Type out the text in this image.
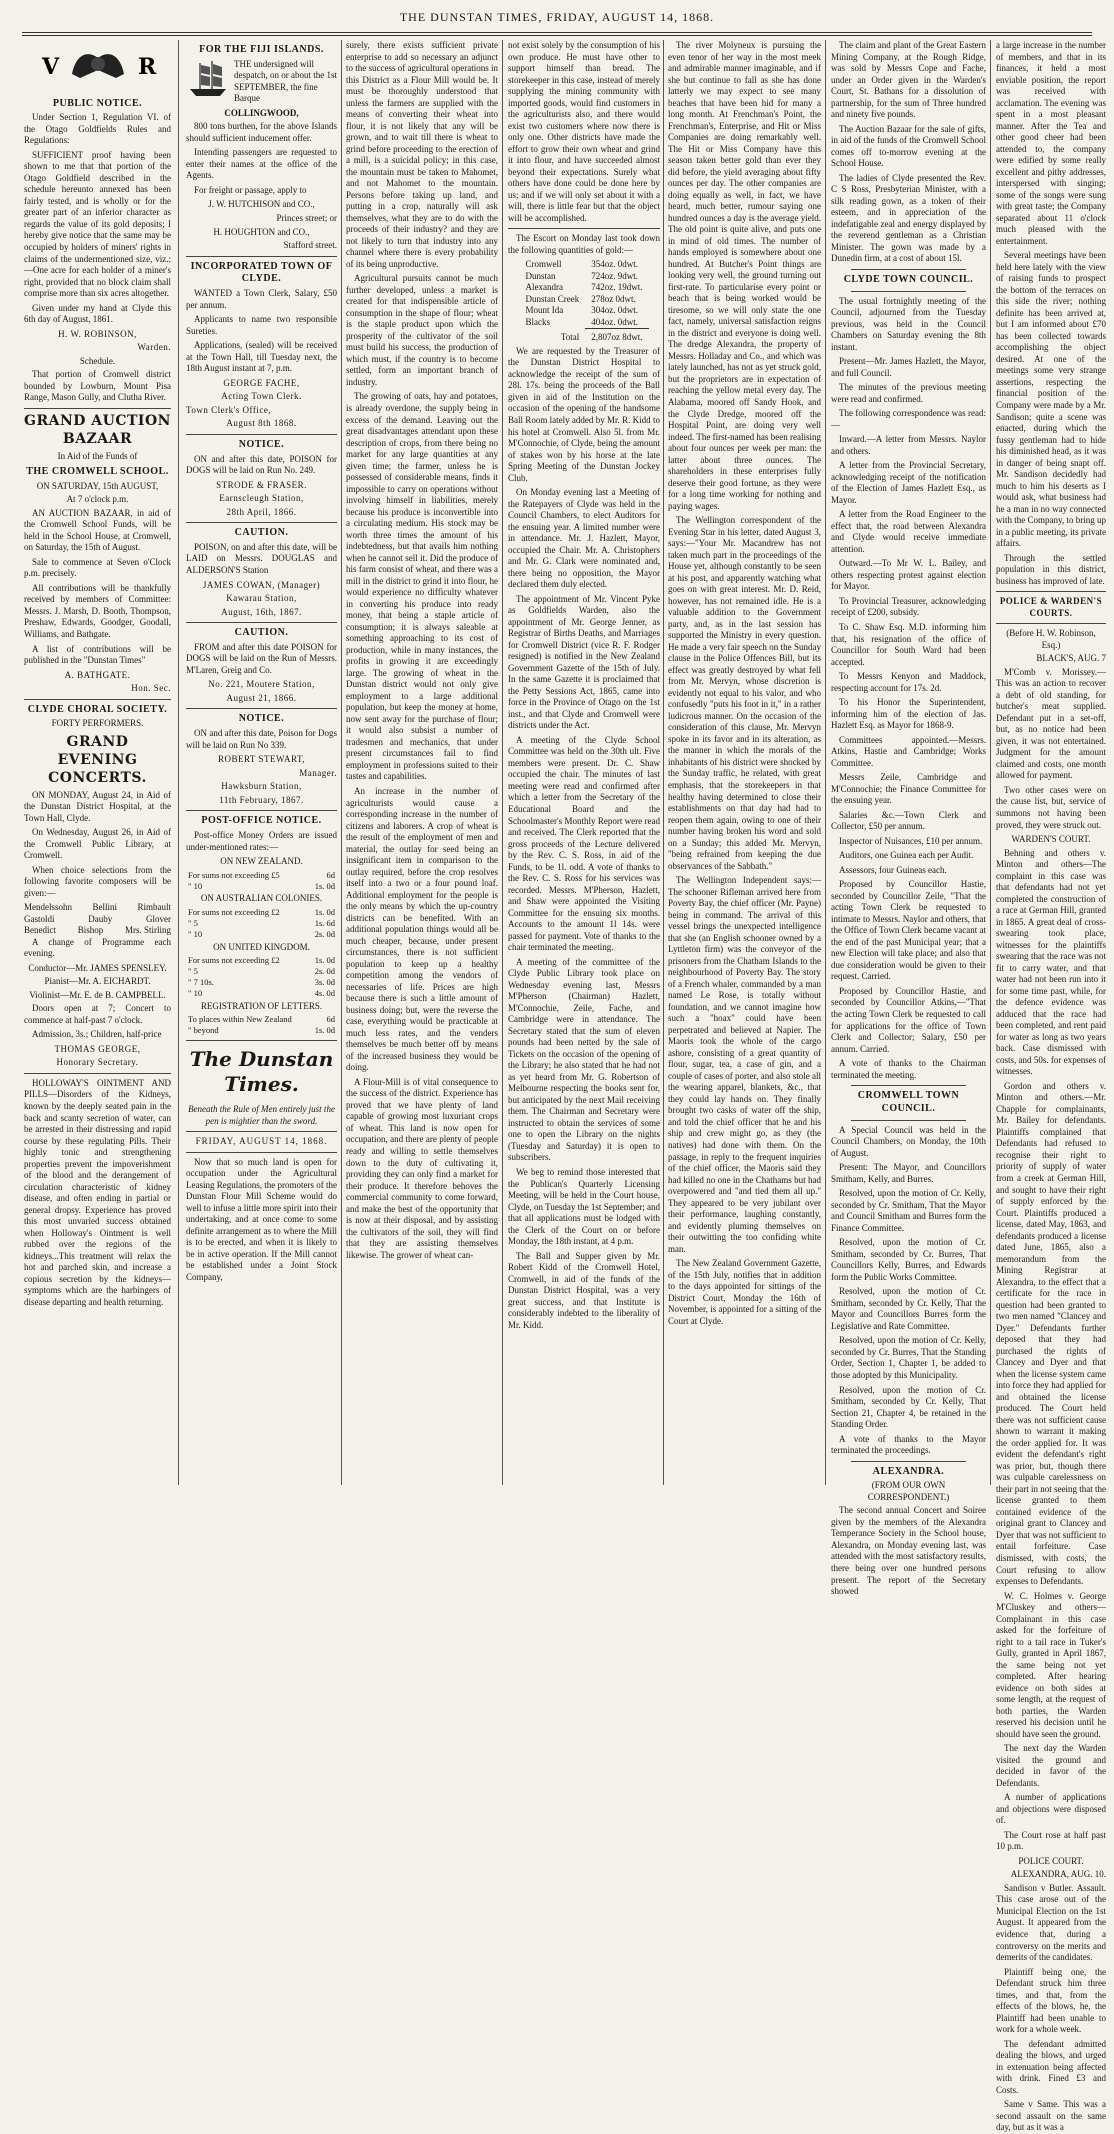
THE DUNSTAN TIMES, FRIDAY, AUGUST 14, 1868.
V	R
PUBLIC NOTICE.

Under Section 1, Regulation VI. of the Otago Goldfields Rules and Regulations:

SUFFICIENT proof having been shown to me that that portion of the Otago Goldfield described in the schedule hereunto annexed has been fairly tested, and is wholly or for the greater part of an inferior character as regards the value of its gold deposits; I hereby give notice that the same may be occupied by holders of miners' rights in claims of the undermentioned size, viz.:—One acre for each holder of a miner's right, provided that no block claim shall comprise more than six acres altogether.

Given under my hand at Clyde this 6th day of August, 1861.

H. W. ROBINSON,
Warden.
Schedule.

That portion of Cromwell district bounded by Lowburn, Mount Pisa Range, Mason Gully, and Clutha River.

GRAND AUCTION BAZAAR
In Aid of the Funds of
THE CROMWELL SCHOOL.
ON SATURDAY, 15th AUGUST,
At 7 o'clock p.m.

AN AUCTION BAZAAR, in aid of the Cromwell School Funds, will be held in the School House, at Cromwell, on Saturday, the 15th of August.

Sale to commence at Seven o'Clock p.m. precisely.

All contributions will be thankfully received by members of Committee: Messrs. J. Marsh, D. Booth, Thompson, Preshaw, Edwards, Goodger, Goodall, Williams, and Bathgate.

A list of contributions will be published in the "Dunstan Times"

A. BATHGATE.
Hon. Sec.
CLYDE CHORAL SOCIETY.
FORTY PERFORMERS.
GRAND EVENING CONCERTS.

ON MONDAY, August 24, in Aid of the Dunstan District Hospital, at the Town Hall, Clyde.

On Wednesday, August 26, in Aid of the Cromwell Public Library, at Cromwell.

When choice selections from the following favorite composers will be given:—

Mendelssohn Bellini Rimbault
Gastoldi	Dauby	Glover
Benedict Bishop Mrs. Stirling

A change of Programme each evening.

Conductor—Mr. JAMES SPENSLEY.
Pianist—Mr. A. EICHARDT.
Violinist—Mr. E. de B. CAMPBELL.

Doors open at 7; Concert to commence at half-past 7 o'clock.

Admission, 3s.; Children, half-price

THOMAS GEORGE,
Honorary Secretary.

HOLLOWAY'S OINTMENT AND PILLS—Disorders of the Kidneys, known by the deeply seated pain in the back and scanty secretion of water, can be arrested in their distressing and rapid course by these regulating Pills. Their highly tonic and strengthening properties prevent the impoverishment of the blood and the derangement of circulation characteristic of kidney disease, and often ending in partial or general dropsy. Experience has proved this most unvaried success obtained when Holloway's Ointment is well rubbed over the regions of the kidneys...This treatment will relax the hot and parched skin, and increase a copious secretion by the kidneys—symptoms which are the harbingers of disease departing and health returning.

FOR THE FIJI ISLANDS.

THE undersigned will despatch, on or about the 1st SEPTEMBER, the fine Barque

COLLINGWOOD,

800 tons burthen, for the above Islands should sufficient inducement offer.

Intending passengers are requested to enter their names at the office of the Agents.

For freight or passage, apply to

J. W. HUTCHISON and CO.,
Princes street; or
H. HOUGHTON and CO.,
Stafford street.
INCORPORATED TOWN OF CLYDE.

WANTED a Town Clerk, Salary, £50 per annum.

Applicants to name two responsible Sureties.

Applications, (sealed) will be received at the Town Hall, till Tuesday next, the 18th August instant at 7, p.m.

GEORGE FACHE,
Acting Town Clerk.
Town Clerk's Office,
August 8th 1868.
NOTICE.

ON and after this date, POISON for DOGS will be laid on Run No. 249.

STRODE & FRASER.
Earnscleugh Station,
28th April, 1866.
CAUTION.

POISON, on and after this date, will be LAID on Messrs. DOUGLAS and ALDERSON'S Station

JAMES COWAN, (Manager)
Kawarau Station,
August, 16th, 1867.
CAUTION.

FROM and after this date POISON for DOGS will be laid on the Run of Messrs. M'Laren, Greig and Co.

No. 221, Moutere Station,
August 21, 1866.
NOTICE.

ON and after this date, Poison for Dogs will be laid on Run No 339.

ROBERT STEWART,
Manager.
Hawksburn Station,
11th February, 1867.
POST-OFFICE NOTICE.

Post-office Money Orders are issued under-mentioned rates:—

ON NEW ZEALAND.
For sums not exceeding £5	6d
" 10	1s. 0d
ON AUSTRALIAN COLONIES.
For sums not exceeding £2	1s. 0d
" 5	1s. 6d
" 10	2s. 0d
ON UNITED KINGDOM.
For sums not exceeding £2	1s. 0d
" 5	2s. 0d
" 7 10s.	3s. 0d
" 10	4s. 0d
REGISTRATION OF LETTERS.
To places within New Zealand	6d
" beyond	1s. 0d
The Dunstan Times.
Beneath the Rule of Men entirely just the pen is mightier than the sword.
FRIDAY, AUGUST 14, 1868.

Now that so much land is open for occupation under the Agricultural Leasing Regulations, the promoters of the Dunstan Flour Mill Scheme would do well to infuse a little more spirit into their undertaking, and at once come to some definite arrangement as to where the Mill is to be erected, and when it is likely to be in active operation. If the Mill cannot be established under a Joint Stock Company,

surely, there exists sufficient private enterprise to add so necessary an adjunct to the success of agricultural operations in this District as a Flour Mill would be. It must be thoroughly understood that unless the farmers are supplied with the means of converting their wheat into flour, it is not likely that any will be grown, and to wait till there is wheat to grind before proceeding to the erection of a mill, is a suicidal policy; in this case, the mountain must be taken to Mahomet, and not Mahomet to the mountain. Persons before taking up land, and putting in a crop, naturally will ask themselves, what they are to do with the proceeds of their industry? and they are not likely to turn that industry into any channel where there is every probability of its being unproductive.

Agricultural pursuits cannot be much further developed, unless a market is created for that indispensible article of consumption in the shape of flour; wheat is the staple product upon which the prosperity of the cultivator of the soil must build his success, the production of which must, if the country is to become settled, form an important branch of industry.

The growing of oats, hay and potatoes, is already overdone, the supply being in excess of the demand. Leaving out the great disadvantages attendant upon these description of crops, from there being no market for any large quantities at any given time; the farmer, unless he is possessed of considerable means, finds it impossible to carry on operations without involving himself in liabilities, merely because his produce is inconvertible into a circulating medium. His stock may be worth three times the amount of his indebtedness, but that avails him nothing when he cannot sell it. Did the produce of his farm consist of wheat, and there was a mill in the district to grind it into flour, he would experience no difficulty whatever in converting his produce into ready money, that being a staple article of consumption; it is always saleable at something approaching to its cost of production, while in many instances, the profits in growing it are exceedingly large. The growing of wheat in the Dunstan district would not only give employment to a large additional population, but keep the money at home, now sent away for the purchase of flour; it would also subsist a number of tradesmen and mechanics, that under present circumstances fail to find employment in professions suited to their tastes and capabilities.

An increase in the number of agriculturists would cause a corresponding increase in the number of citizens and laborers. A crop of wheat is the result of the employment of men and material, the outlay for seed being an insignificant item in comparison to the outlay required, before the crop resolves itself into a two or a four pound loaf. Additional employment for the people is the only means by which the up-country districts can be benefited. With an additional population things would all be much cheaper, because, under present circumstances, there is not sufficient population to keep up a healthy competition among the vendors of necessaries of life. Prices are high because there is such a little amount of business doing; but, were the reverse the case, everything would be practicable at much less rates, and the venders themselves be much better off by means of the increased business they would be doing.

A Flour-Mill is of vital consequence to the success of the district. Experience has proved that we have plenty of land capable of growing most luxuriant crops of wheat. This land is now open for occupation, and there are plenty of people ready and willing to settle themselves down to the duty of cultivating it, providing they can only find a market for their produce. It therefore behoves the commercial community to come forward, and make the best of the opportunity that is now at their disposal, and by assisting the cultivators of the soil, they will find that they are assisting themselves likewise. The grower of wheat can-

not exist solely by the consumption of his own produce. He must have other to support himself than bread. The storekeeper in this case, instead of merely supplying the mining community with imported goods, would find customers in the agriculturists also, and there would exist two customers where now there is only one. Other districts have made the effort to grow their own wheat and grind it into flour, and have succeeded almost beyond their expectations. Surely what others have done could be done here by us; and if we will only set about it with a will, there is little fear but that the object will be accomplished.

The Escort on Monday last took down the following quantities of gold:—

Cromwell	354oz. 0dwt.
Dunstan	724oz. 9dwt.
Alexandra	742oz. 19dwt.
Dunstan Creek	278oz 0dwt.
Mount Ida	304oz. 0dwt.
Blacks	404oz. 0dwt.
Total	2,807oz 8dwt.

We are requested by the Treasurer of the Dunstan District Hospital to acknowledge the receipt of the sum of 28l. 17s. being the proceeds of the Ball given in aid of the Institution on the occasion of the opening of the handsome Ball Room lately added by Mr. R. Kidd to his hotel at Cromwell. Also 5l. from Mr. M'Connochie, of Clyde, being the amount of stakes won by his horse at the late Spring Meeting of the Dunstan Jockey Club.

On Monday evening last a Meeting of the Ratepayers of Clyde was held in the Council Chambers, to elect Auditors for the ensuing year. A limited number were in attendance. Mr. J. Hazlett, Mayor, occupied the Chair. Mr. A. Christophers and Mr. G. Clark were nominated and, there being no opposition, the Mayor declared them duly elected.

The appointment of Mr. Vincent Pyke as Goldfields Warden, also the appointment of Mr. George Jenner, as Registrar of Births Deaths, and Marriages for Cromwell District (vice R. F. Rodger resigned) is notified in the New Zealand Government Gazette of the 15th of July. In the same Gazette it is proclaimed that the Petty Sessions Act, 1865, came into force in the Province of Otago on the 1st inst., and that Clyde and Cromwell were districts under the Act.

A meeting of the Clyde School Committee was held on the 30th ult. Five members were present. Dr. C. Shaw occupied the chair. The minutes of last meeting were read and confirmed after which a letter from the Secretary of the Educational Board and the Schoolmaster's Monthly Report were read and received. The Clerk reported that the gross proceeds of the Lecture delivered by the Rev. C. S. Ross, in aid of the Funds, to be 1l. odd. A vote of thanks to the Rev. C. S. Ross for his services was recorded. Messrs. M'Pherson, Hazlett, and Shaw were appointed the Visiting Committee for the ensuing six months. Accounts to the amount 1l 14s. were passed for payment. Vote of thanks to the chair terminated the meeting.

A meeting of the committee of the Clyde Public Library took place on Wednesday evening last, Messrs M'Pherson (Chairman) Hazlett, M'Connochie, Zeile, Fache, and Cambridge were in attendance. The Secretary stated that the sum of eleven pounds had been netted by the sale of Tickets on the occasion of the opening of the Library; he also stated that he had not as yet heard from Mr. G. Robertson of Melbourne respecting the books sent for, but anticipated by the next Mail receiving them. The Chairman and Secretary were instructed to obtain the services of some one to open the Library on the nights (Tuesday and Saturday) it is open to subscribers.

We beg to remind those interested that the Publican's Quarterly Licensing Meeting, will be held in the Court house, Clyde, on Tuesday the 1st September; and that all applications must be lodged with the Clerk of the Court on or before Monday, the 18th instant, at 4 p.m.

The Ball and Supper given by Mr. Robert Kidd of the Cromwell Hotel, Cromwell, in aid of the funds of the Dunstan District Hospital, was a very great success, and that Institute is considerably indebted to the liberality of Mr. Kidd.

The river Molyneux is pursuing the even tenor of her way in the most meek and admirable manner imaginable, and if she but continue to fall as she has done latterly we may expect to see many beaches that have been hid for many a long month. At Frenchman's Point, the Frenchman's, Enterprise, and Hit or Miss Companies are doing remarkably well. The Hit or Miss Company have this season taken better gold than ever they did before, the yield averaging about fifty ounces per day. The other companies are doing equally as well, in fact, we have heard, much better, rumour saying one hundred ounces a day is the average yield. The old point is quite alive, and puts one in mind of old times. The number of hands employed is somewhere about one hundred. At Butcher's Point things are looking very well, the ground turning out first-rate. To particularise every point or beach that is being worked would be tiresome, so we will only state the one fact, namely, universal satisfaction reigns in the district and everyone is doing well. The dredge Alexandra, the property of Messrs. Holladay and Co., and which was lately launched, has not as yet struck gold, but the proprietors are in expectation of reaching the yellow metal every day. The Alabama, moored off Sandy Hook, and the Clyde Dredge, moored off the Hospital Point, are doing very well indeed. The first-named has been realising about four ounces per week per man: the latter about three ounces. The shareholders in these enterprises fully deserve their good fortune, as they were for a long time working for nothing and paying wages.

The Wellington correspondent of the Evening Star in his letter, dated August 3, says:—"Your Mr. Macandrew has not taken much part in the proceedings of the House yet, although constantly to be seen at his post, and apparently watching what goes on with great interest. Mr. D. Reid, however, has not remained idle. He is a valuable addition to the Government party, and, as in the last session has supported the Ministry in every question. He made a very fair speech on the Sunday clause in the Police Offences Bill, but its effect was greatly destroyed by what fell from Mr. Mervyn, whose discretion is evidently not equal to his valor, and who confusedly "puts his foot in it," in a rather ludicrous manner. On the occasion of the consideration of this clause, Mr. Mervyn spoke in its favor and in its alteration, as the manner in which the morals of the inhabitants of his district were shocked by the Sunday traffic, he related, with great emphasis, that the storekeepers in that healthy having determined to close their establishments on that day had had to reopen them again, owing to one of their number having broken his word and sold on a Sunday; this added Mr. Mervyn, "being refrained from keeping the due observances of the Sabbath."

The Wellington Independent says:—The schooner Rifleman arrived here from Poverty Bay, the chief officer (Mr. Payne) being in command. The arrival of this vessel brings the unexpected intelligence that she (an English schooner owned by a Lyttleton firm) was the conveyor of the prisoners from the Chatham Islands to the neighbourhood of Poverty Bay. The story of a French whaler, commanded by a man named Le Rose, is totally without foundation, and we cannot imagine how such a "hoax" could have been perpetrated and believed at Napier. The Maoris took the whole of the cargo ashore, consisting of a great quantity of flour, sugar, tea, a case of gin, and a couple of cases of porter, and also stole all the wearing apparel, blankets, &c., that they could lay hands on. They finally brought two casks of water off the ship, and told the chief officer that he and his ship and crew might go, as they (the natives) had done with them. On the passage, in reply to the frequent inquiries of the chief officer, the Maoris said they had killed no one in the Chathams but had overpowered and "and tied them all up." They appeared to be very jubilant over their performance, laughing constantly, and evidently pluming themselves on their outwitting the too confiding white man.

The New Zealand Government Gazette, of the 15th July, notifies that in addition to the days appointed for sittings of the District Court, Monday the 16th of November, is appointed for a sitting of the Court at Clyde.

The claim and plant of the Great Eastern Mining Company, at the Rough Ridge, was sold by Messrs Cope and Fache, under an Order given in the Warden's Court, St. Bathans for a dissolution of partnership, for the sum of Three hundred and ninety five pounds.

The Auction Bazaar for the sale of gifts, in aid of the funds of the Cromwell School comes off to-morrow evening at the School House.

The ladies of Clyde presented the Rev. C S Ross, Presbyterian Minister, with a silk reading gown, as a token of their esteem, and in appreciation of the indefatigable zeal and energy displayed by the reverend gentleman as a Christian Minister. The gown was made by a Dunedin firm, at a cost of about 15l.

CLYDE TOWN COUNCIL.

The usual fortnightly meeting of the Council, adjourned from the Tuesday previous, was held in the Council Chambers on Saturday evening the 8th instant.

Present—Mr. James Hazlett, the Mayor, and full Council.

The minutes of the previous meeting were read and confirmed.

The following correspondence was read:—

Inward.—A letter from Messrs. Naylor and others.

A letter from the Provincial Secretary, acknowledging receipt of the notification of the Election of James Hazlett Esq., as Mayor.

A letter from the Road Engineer to the effect that, the road between Alexandra and Clyde would receive immediate attention.

Outward.—To Mr W. L. Bailey, and others respecting protest against election for Mayor.

To Provincial Treasurer, acknowledging receipt of £200, subsidy.

To C. Shaw Esq. M.D. informing him that, his resignation of the office of Councillor for South Ward had been accepted.

To Messrs Kenyon and Maddock, respecting account for 17s. 2d.

To his Honor the Superintendent, informing him of the election of Jas. Hazlett Esq. as Mayor for 1868-9.

Committees appointed.—Messrs. Atkins, Hastie and Cambridge; Works Committee.

Messrs Zeile, Cambridge and M'Connochie; the Finance Committee for the ensuing year.

Salaries &c.—Town Clerk and Collector, £50 per annum.

Inspector of Nuisances, £10 per annum.

Auditors, one Guinea each per Audit.

Assessors, four Guineas each.

Proposed by Councillor Hastie, seconded by Councillor Zeile, "That the acting Town Clerk be requested to intimate to Messrs. Naylor and others, that the Office of Town Clerk became vacant at the end of the past Municipal year; that a new Election will take place; and also that due consideration would be given to their request. Carried.

Proposed by Councillor Hastie, and seconded by Councillor Atkins,—"That the acting Town Clerk be requested to call for applications for the office of Town Clerk and Collector; Salary, £50 per annum. Carried.

A vote of thanks to the Chairman terminated the meeting.

CROMWELL TOWN COUNCIL.

A Special Council was held in the Council Chambers, on Monday, the 10th of August.

Present: The Mayor, and Councillors Smitham, Kelly, and Burres.

Resolved, upon the motion of Cr. Kelly, seconded by Cr. Smitham, That the Mayor and Council Smitham and Burres form the Finance Committee.

Resolved, upon the motion of Cr. Smitham, seconded by Cr. Burres, That Councillors Kelly, Burres, and Edwards form the Public Works Committee.

Resolved, upon the motion of Cr. Smitham, seconded by Cr. Kelly, That the Mayor and Councillors Burres form the Legislative and Rate Committee.

Resolved, upon the motion of Cr. Kelly, seconded by Cr. Burres, That the Standing Order, Section 1, Chapter 1, be added to those adopted by this Municipality.

Resolved, upon the motion of Cr. Smitham, seconded by Cr. Kelly, That Section 21, Chapter 4, be retained in the Standing Order.

A vote of thanks to the Mayor terminated the proceedings.

ALEXANDRA.
(FROM OUR OWN CORRESPONDENT.)

The second annual Concert and Soiree given by the members of the Alexandra Temperance Society in the School house, Alexandra, on Monday evening last, was attended with the most satisfactory results, there being over one hundred persons present. The report of the Secretary showed

a large increase in the number of members, and that in its finances, it held a most enviable position, the report was received with acclamation. The evening was spent in a most pleasant manner. After the Tea and other good cheer had been attended to, the company were edified by some really excellent and pithy addresses, interspersed with singing; some of the songs were sung with great taste; the Company separated about 11 o'clock much pleased with the entertainment.

Several meetings have been held here lately with the view of raising funds to prospect the bottom of the terraces on this side the river; nothing definite has been arrived at, but I am informed about £70 has been collected towards accomplishing the object desired. At one of the meetings some very strange assertions, respecting the financial position of the Company were made by a Mr. Sandison; quite a scene was enacted, during which the fussy gentleman had to hide his diminished head, as it was in danger of being snapt off. Mr. Sandison decidedly had much to him his deserts as I would ask, what business had he a man in no way connected with the Company, to bring up in a public meeting, its private affairs.

Through the settled population in this district, business has improved of late.

POLICE & WARDEN'S COURTS.
(Before H. W. Robinson, Esq.)
BLACK'S, AUG. 7

M'Comb v. Morissey.—This was an action to recover a debt of old standing, for butcher's meat supplied. Defendant put in a set-off, but, as no notice had been given, it was not entertained. Judgment for the amount claimed and costs, one month allowed for payment.

Two other cases were on the cause list, but, service of summons not having been proved, they were struck out.

WARDEN'S COURT.

Behning and others v. Minton and others—The complaint in this case was that defendants had not yet completed the construction of a race at German Hill, granted in 1865. A great deal of cross-swearing took place, witnesses for the plaintiffs swearing that the race was not fit to carry water, and that water had not been run into it for some time past, while, for the defence evidence was adduced that the race had been completed, and rent paid for water as long as two years back. Case dismissed with costs, and 50s. for expenses of witnesses.

Gordon and others v. Minton and others.—Mr. Chapple for complainants, Mr. Bailey for defendants. Plaintiffs complained that Defendants had refused to recognise their right to priority of supply of water from a creek at German Hill, and sought to have their right of supply enforced by the Court. Plaintiffs produced a license, dated May, 1863, and defendants produced a license dated June, 1865, also a memorandum from the Mining Registrar at Alexandra, to the effect that a certificate for the race in question had been granted to two men named "Clancey and Dyer." Defendants further deposed that they had purchased the rights of Clancey and Dyer and that when the license system came into force they had applied for and obtained the license produced. The Court held there was not sufficient cause shown to warrant it making the order applied for. It was evident the defendant's right was prior, but, though there was culpable carelessness on their part in not seeing that the license granted to them contained evidence of the original grant to Clancey and Dyer that was not sufficient to entail forfeiture. Case dismissed, with costs, the Court refusing to allow expenses to Defendants.

W. C. Holmes v. George M'Cluskey and others—Complainant in this case asked for the forfeiture of right to a tail race in Tuker's Gully, granted in April 1867, the same being not yet completed. After hearing evidence on both sides at some length, at the request of both parties, the Warden reserved his decision until he should have seen the ground.

The next day the Warden visited the ground and decided in favor of the Defendants.

A number of applications and objections were disposed of.

The Court rose at half past 10 p.m.

POLICE COURT.
ALEXANDRA, AUG. 10.

Sandison v Butler. Assault. This case arose out of the Municipal Election on the 1st August. It appeared from the evidence that, during a controversy on the merits and demerits of the candidates.

Plaintiff being one, the Defendant struck him three times, and that, from the effects of the blows, he, the Plaintiff had been unable to work for a whole week.

The defendant admitted dealing the blows, and urged in extenuation being affected with drink. Fined £3 and Costs.

Same v Same. This was a second assault on the same day, but as it was a
